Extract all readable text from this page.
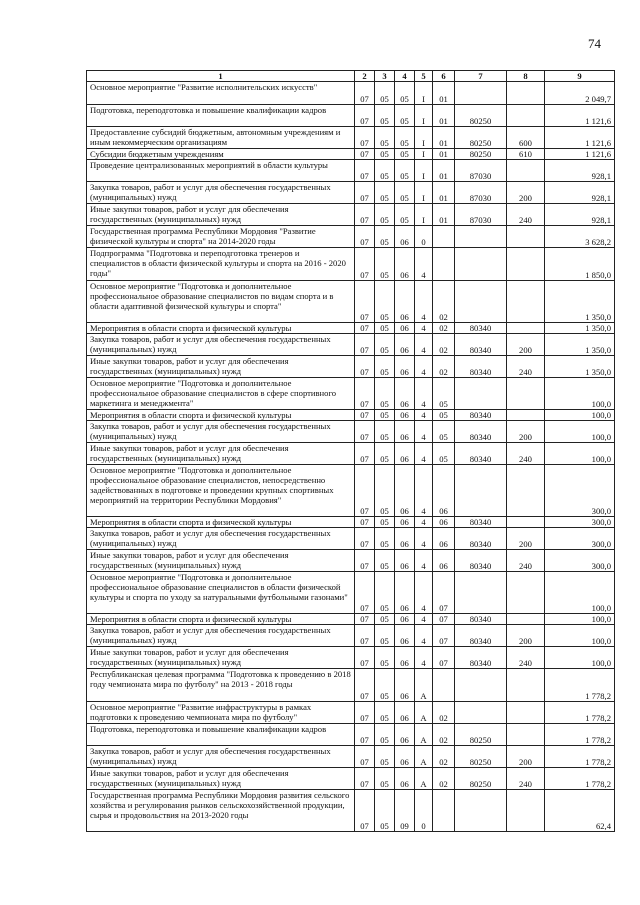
74
1	2	3	4	5	6	7	8	9
Основное мероприятие "Развитие исполнительских искусств"	07	05	05	I	01			2 049,7
Подготовка, переподготовка и повышение квалификации кадров	07	05	05	I	01	80250		1 121,6
Предоставление субсидий бюджетным, автономным учреждениям и иным некоммерческим организациям	07	05	05	I	01	80250	600	1 121,6
Субсидии бюджетным учреждениям	07	05	05	I	01	80250	610	1 121,6
Проведение централизованных мероприятий в области культуры	07	05	05	I	01	87030		928,1
Закупка товаров, работ и услуг для обеспечения государственных (муниципальных) нужд	07	05	05	I	01	87030	200	928,1
Иные закупки товаров, работ и услуг для обеспечения государственных (муниципальных) нужд	07	05	05	I	01	87030	240	928,1
Государственная программа Республики Мордовия "Развитие физической культуры и спорта" на 2014-2020 годы	07	05	06	0				3 628,2
Подпрограмма "Подготовка и переподготовка тренеров и специалистов в области физической культуры и спорта на 2016 - 2020 годы"	07	05	06	4				1 850,0
Основное мероприятие "Подготовка и дополнительное профессиональное образование специалистов по видам спорта и в области адаптивной физической культуры и спорта"	07	05	06	4	02			1 350,0
Мероприятия в области спорта и физической культуры	07	05	06	4	02	80340		1 350,0
Закупка товаров, работ и услуг для обеспечения государственных (муниципальных) нужд	07	05	06	4	02	80340	200	1 350,0
Иные закупки товаров, работ и услуг для обеспечения государственных (муниципальных) нужд	07	05	06	4	02	80340	240	1 350,0
Основное мероприятие "Подготовка и дополнительное профессиональное образование специалистов в сфере спортивного маркетинга и менеджмента"	07	05	06	4	05			100,0
Мероприятия в области спорта и физической культуры	07	05	06	4	05	80340		100,0
Закупка товаров, работ и услуг для обеспечения государственных (муниципальных) нужд	07	05	06	4	05	80340	200	100,0
Иные закупки товаров, работ и услуг для обеспечения государственных (муниципальных) нужд	07	05	06	4	05	80340	240	100,0
Основное мероприятие "Подготовка и дополнительное профессиональное образование специалистов, непосредственно задействованных в подготовке и проведении крупных спортивных мероприятий на территории Республики Мордовия"	07	05	06	4	06			300,0
Мероприятия в области спорта и физической культуры	07	05	06	4	06	80340		300,0
Закупка товаров, работ и услуг для обеспечения государственных (муниципальных) нужд	07	05	06	4	06	80340	200	300,0
Иные закупки товаров, работ и услуг для обеспечения государственных (муниципальных) нужд	07	05	06	4	06	80340	240	300,0
Основное мероприятие "Подготовка и дополнительное профессиональное образование специалистов в области физической культуры и спорта по уходу за натуральными футбольными газонами"	07	05	06	4	07			100,0
Мероприятия в области спорта и физической культуры	07	05	06	4	07	80340		100,0
Закупка товаров, работ и услуг для обеспечения государственных (муниципальных) нужд	07	05	06	4	07	80340	200	100,0
Иные закупки товаров, работ и услуг для обеспечения государственных (муниципальных) нужд	07	05	06	4	07	80340	240	100,0
Республиканская целевая программа "Подготовка к проведению в 2018 году чемпионата мира по футболу" на 2013 - 2018 годы	07	05	06	А				1 778,2
Основное мероприятие "Развитие инфраструктуры в рамках подготовки к проведению чемпионата мира по футболу"	07	05	06	А	02			1 778,2
Подготовка, переподготовка и повышение квалификации кадров	07	05	06	А	02	80250		1 778,2
Закупка товаров, работ и услуг для обеспечения государственных (муниципальных) нужд	07	05	06	А	02	80250	200	1 778,2
Иные закупки товаров, работ и услуг для обеспечения государственных (муниципальных) нужд	07	05	06	А	02	80250	240	1 778,2
Государственная программа Республики Мордовия развития сельского хозяйства и регулирования рынков сельскохозяйственной продукции, сырья и продовольствия на 2013-2020 годы	07	05	09	0				62,4
